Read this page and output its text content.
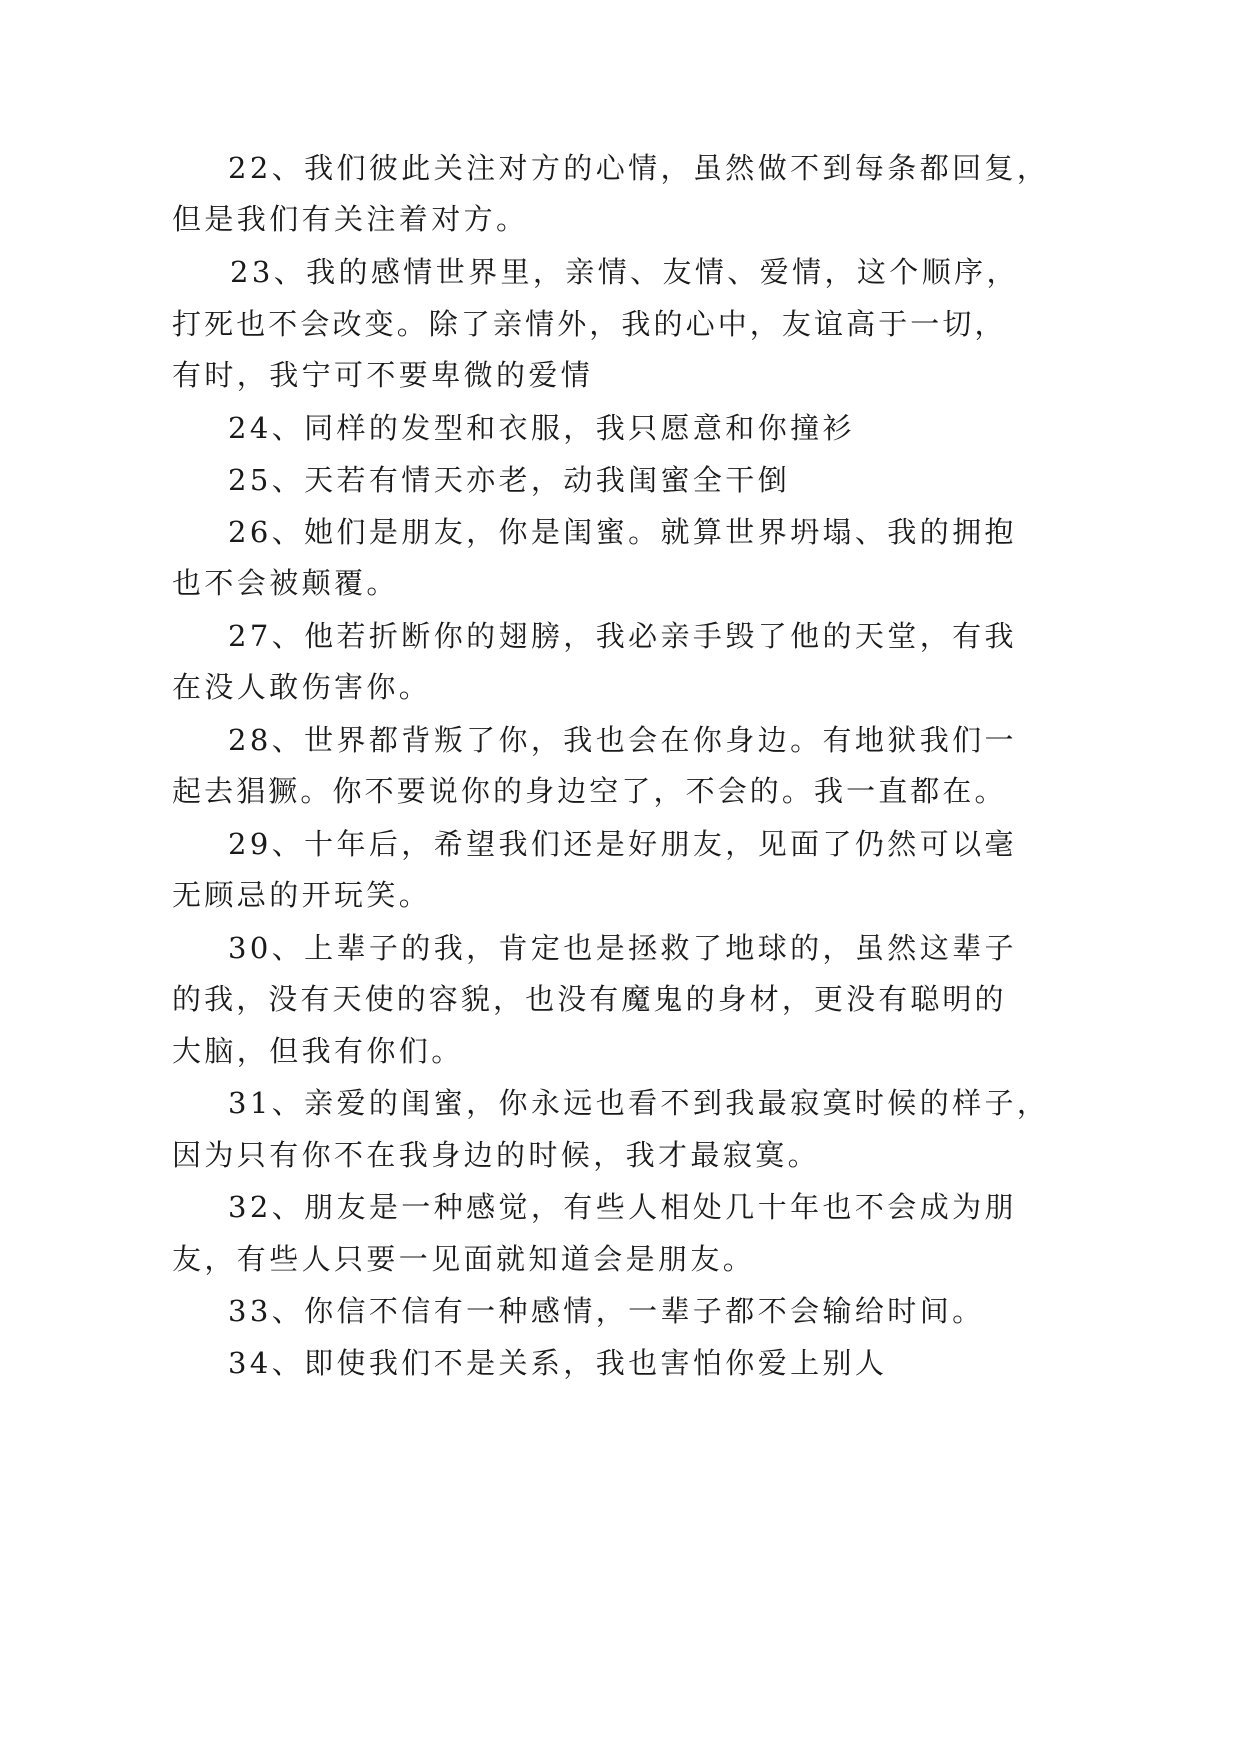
22、我们彼此关注对方的心情，虽然做不到每条都回复，

但是我们有关注着对方。

23、我的感情世界里，亲情、友情、爱情，这个顺序，

打死也不会改变。除了亲情外，我的心中，友谊高于一切，

有时，我宁可不要卑微的爱情

24、同样的发型和衣服，我只愿意和你撞衫

25、天若有情天亦老，动我闺蜜全干倒

26、她们是朋友，你是闺蜜。就算世界坍塌、我的拥抱

也不会被颠覆。

27、他若折断你的翅膀，我必亲手毁了他的天堂，有我

在没人敢伤害你。

28、世界都背叛了你，我也会在你身边。有地狱我们一

起去猖獗。你不要说你的身边空了，不会的。我一直都在。

29、十年后，希望我们还是好朋友，见面了仍然可以毫

无顾忌的开玩笑。

30、上辈子的我，肯定也是拯救了地球的，虽然这辈子

的我，没有天使的容貌，也没有魔鬼的身材，更没有聪明的

大脑，但我有你们。

31、亲爱的闺蜜，你永远也看不到我最寂寞时候的样子，

因为只有你不在我身边的时候，我才最寂寞。

32、朋友是一种感觉，有些人相处几十年也不会成为朋

友，有些人只要一见面就知道会是朋友。

33、你信不信有一种感情，一辈子都不会输给时间。

34、即使我们不是关系，我也害怕你爱上别人
